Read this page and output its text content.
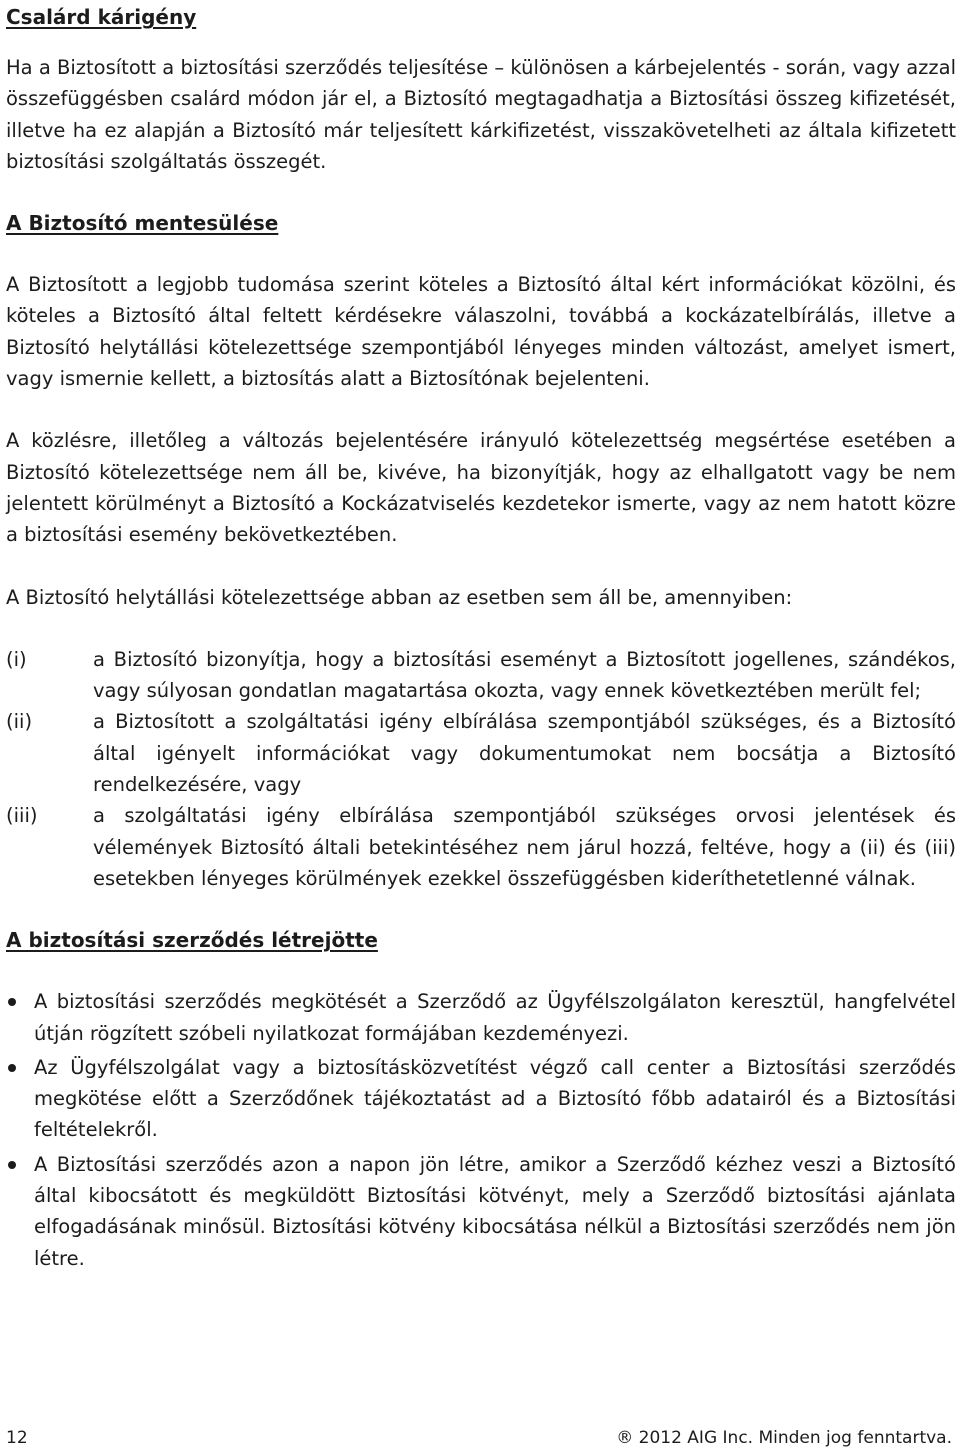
Csalárd kárigény

Ha a Biztosított a biztosítási szerződés teljesítése – különösen a kárbejelentés - során, vagy azzal összefüggésben csalárd módon jár el, a Biztosító megtagadhatja a Biztosítási összeg kifizetését, illetve ha ez alapján a Biztosító már teljesített kárkifizetést, visszakövetelheti az általa kifizetett biztosítási szolgáltatás összegét.

A Biztosító mentesülése

A Biztosított a legjobb tudomása szerint köteles a Biztosító által kért információkat közölni, és köteles a Biztosító által feltett kérdésekre válaszolni, továbbá a kockázatelbírálás, illetve a Biztosító helytállási kötelezettsége szempontjából lényeges minden változást, amelyet ismert, vagy ismernie kellett, a biztosítás alatt a Biztosítónak bejelenteni.

A közlésre, illetőleg a változás bejelentésére irányuló kötelezettség megsértése esetében a Biztosító kötelezettsége nem áll be, kivéve, ha bizonyítják, hogy az elhallgatott vagy be nem jelentett körülményt a Biztosító a Kockázatviselés kezdetekor ismerte, vagy az nem hatott közre a biztosítási esemény bekövetkeztében.

A Biztosító helytállási kötelezettsége abban az esetben sem áll be, amennyiben:

(i)	a Biztosító bizonyítja, hogy a biztosítási eseményt a Biztosított jogellenes, szándékos, vagy súlyosan gondatlan magatartása okozta, vagy ennek következtében merült fel;
(ii)	a Biztosított a szolgáltatási igény elbírálása szempontjából szükséges, és a Biztosító által igényelt információkat vagy dokumentumokat nem bocsátja a Biztosító rendelkezésére, vagy
(iii)	a szolgáltatási igény elbírálása szempontjából szükséges orvosi jelentések és vélemények Biztosító általi betekintéséhez nem járul hozzá, feltéve, hogy a (ii) és (iii) esetekben lényeges körülmények ezekkel összefüggésben kideríthetetlenné válnak.
A biztosítási szerződés létrejötte
A biztosítási szerződés megkötését a Szerződő az Ügyfélszolgálaton keresztül, hangfelvétel útján rögzített szóbeli nyilatkozat formájában kezdeményezi.
Az Ügyfélszolgálat vagy a biztosításközvetítést végző call center a Biztosítási szerződés megkötése előtt a Szerződőnek tájékoztatást ad a Biztosító főbb adatairól és a Biztosítási feltételekről.
A Biztosítási szerződés azon a napon jön létre, amikor a Szerződő kézhez veszi a Biztosító által kibocsátott és megküldött Biztosítási kötvényt, mely a Szerződő biztosítási ajánlata elfogadásának minősül. Biztosítási kötvény kibocsátása nélkül a Biztosítási szerződés nem jön létre.
12	® 2012 AIG Inc. Minden jog fenntartva.
